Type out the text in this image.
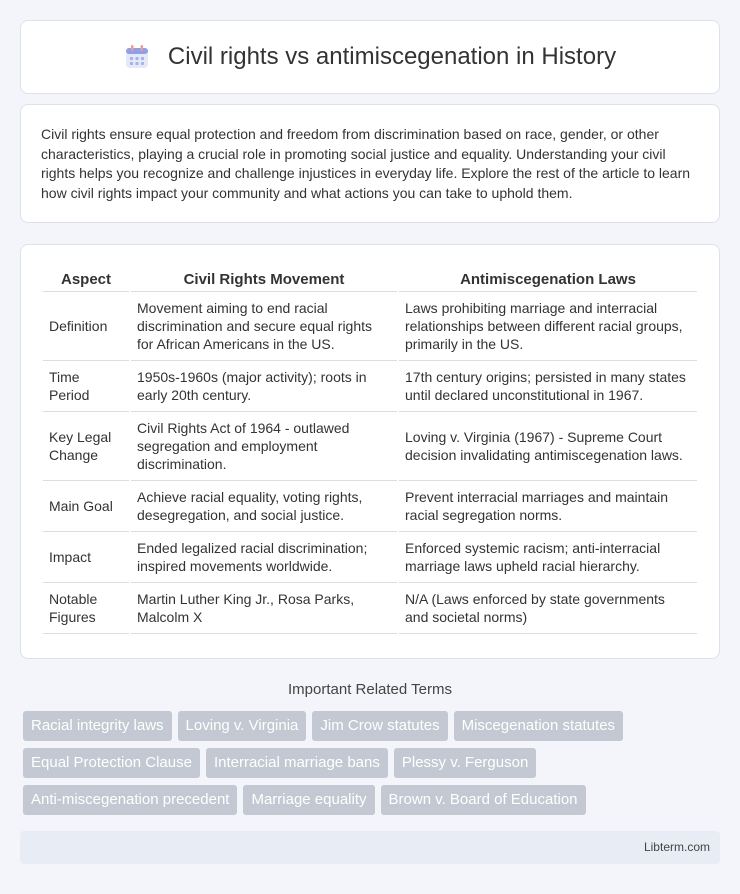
Civil rights vs antimiscegenation in History

Civil rights ensure equal protection and freedom from discrimination based on race, gender, or other characteristics, playing a crucial role in promoting social justice and equality. Understanding your civil rights helps you recognize and challenge injustices in everyday life. Explore the rest of the article to learn how civil rights impact your community and what actions you can take to uphold them.

Aspect	Civil Rights Movement	Antimiscegenation Laws
Definition	Movement aiming to end racial discrimination and secure equal rights for African Americans in the US.	Laws prohibiting marriage and interracial relationships between different racial groups, primarily in the US.
Time Period	1950s-1960s (major activity); roots in early 20th century.	17th century origins; persisted in many states until declared unconstitutional in 1967.
Key Legal Change	Civil Rights Act of 1964 - outlawed segregation and employment discrimination.	Loving v. Virginia (1967) - Supreme Court decision invalidating antimiscegenation laws.
Main Goal	Achieve racial equality, voting rights, desegregation, and social justice.	Prevent interracial marriages and maintain racial segregation norms.
Impact	Ended legalized racial discrimination; inspired movements worldwide.	Enforced systemic racism; anti-interracial marriage laws upheld racial hierarchy.
Notable Figures	Martin Luther King Jr., Rosa Parks, Malcolm X	N/A (Laws enforced by state governments and societal norms)
Important Related Terms
Racial integrity laws	Loving v. Virginia	Jim Crow statutes	Miscegenation statutes
Equal Protection Clause	Interracial marriage bans	Plessy v. Ferguson
Anti-miscegenation precedent	Marriage equality	Brown v. Board of Education
Libterm.com
